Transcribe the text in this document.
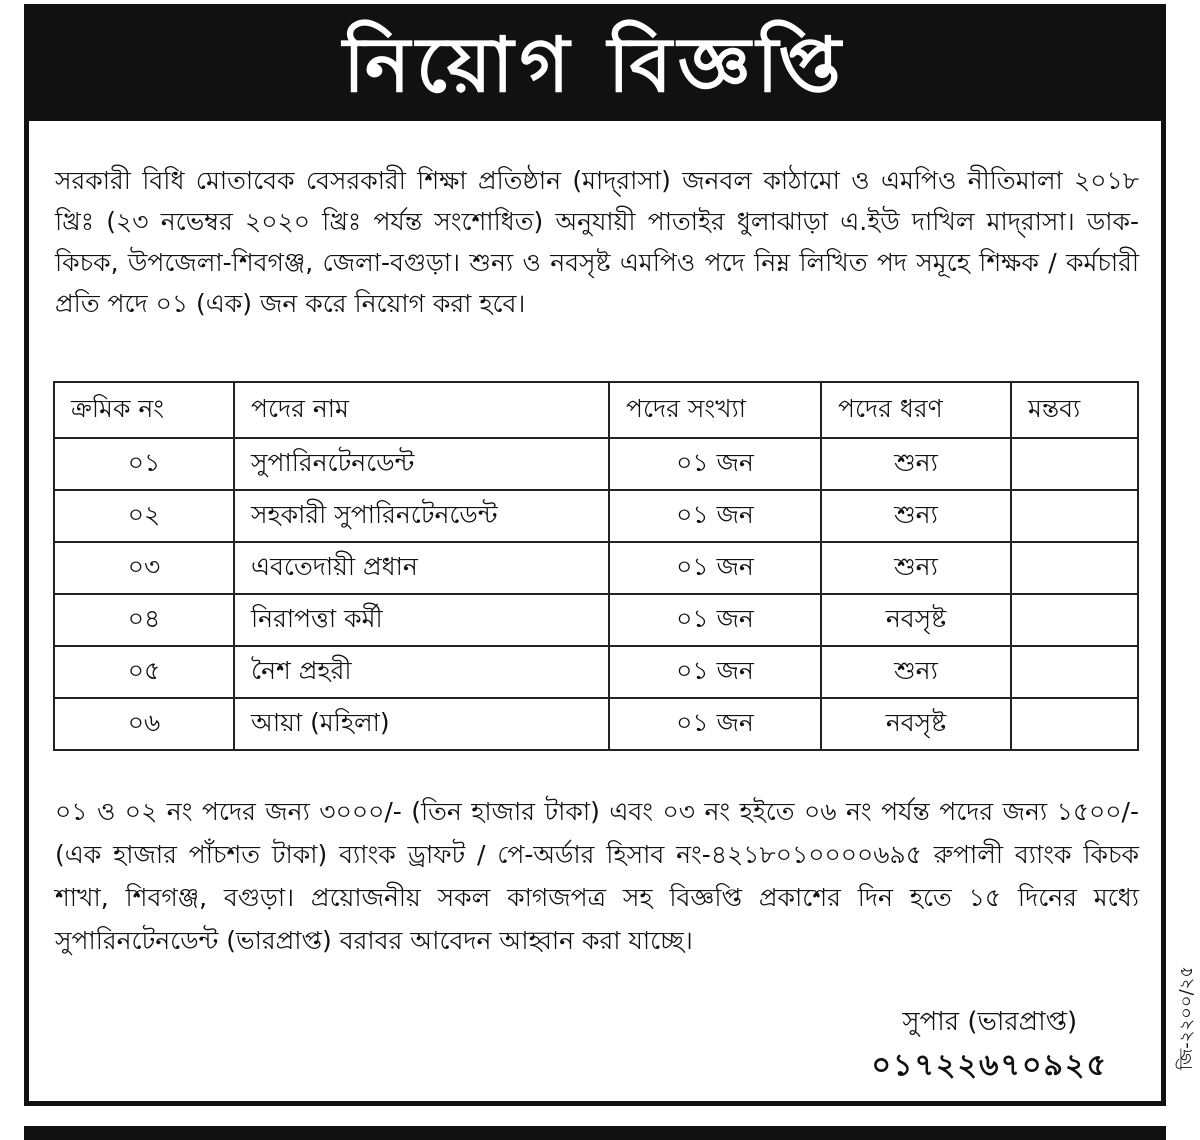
নিয়োগ বিজ্ঞপ্তি

সরকারী বিধি মোতাবেক বেসরকারী শিক্ষা প্রতিষ্ঠান (মাদ্‌রাসা) জনবল কাঠামো ও এমপিও নীতিমালা ২০১৮ খ্রিঃ (২৩ নভেম্বর ২০২০ খ্রিঃ পর্যন্ত সংশোধিত) অনুযায়ী পাতাইর ধুলাঝাড়া এ.ইউ দাখিল মাদ্‌রাসা। ডাক-কিচক, উপজেলা-শিবগঞ্জ, জেলা-বগুড়া। শুন্য ও নবসৃষ্ট এমপিও পদে নিম্ন লিখিত পদ সমূহে শিক্ষক / কর্মচারী প্রতি পদে ০১ (এক) জন করে নিয়োগ করা হবে।

ক্রমিক নং	পদের নাম	পদের সংখ্যা	পদের ধরণ	মন্তব্য
০১	সুপারিনটেনডেন্ট	০১ জন	শুন্য	
০২	সহকারী সুপারিনটেনডেন্ট	০১ জন	শুন্য	
০৩	এবতেদায়ী প্রধান	০১ জন	শুন্য	
০৪	নিরাপত্তা কর্মী	০১ জন	নবসৃষ্ট	
০৫	নৈশ প্রহরী	০১ জন	শুন্য	
০৬	আয়া (মহিলা)	০১ জন	নবসৃষ্ট	

০১ ও ০২ নং পদের জন্য ৩০০০/- (তিন হাজার টাকা) এবং ০৩ নং হইতে ০৬ নং পর্যন্ত পদের জন্য ১৫০০/-(এক হাজার পাঁচশত টাকা) ব্যাংক ড্রাফট / পে-অর্ডার হিসাব নং-৪২১৮০১০০০০৬৯৫ রুপালী ব্যাংক কিচক শাখা, শিবগঞ্জ, বগুড়া। প্রয়োজনীয় সকল কাগজপত্র সহ বিজ্ঞপ্তি প্রকাশের দিন হতে ১৫ দিনের মধ্যে সুপারিনটেনডেন্ট (ভারপ্রাপ্ত) বরাবর আবেদন আহ্বান করা যাচ্ছে।

সুপার (ভারপ্রাপ্ত)
০১৭২২৬৭০৯২৫	জি-২২০০/২৫
